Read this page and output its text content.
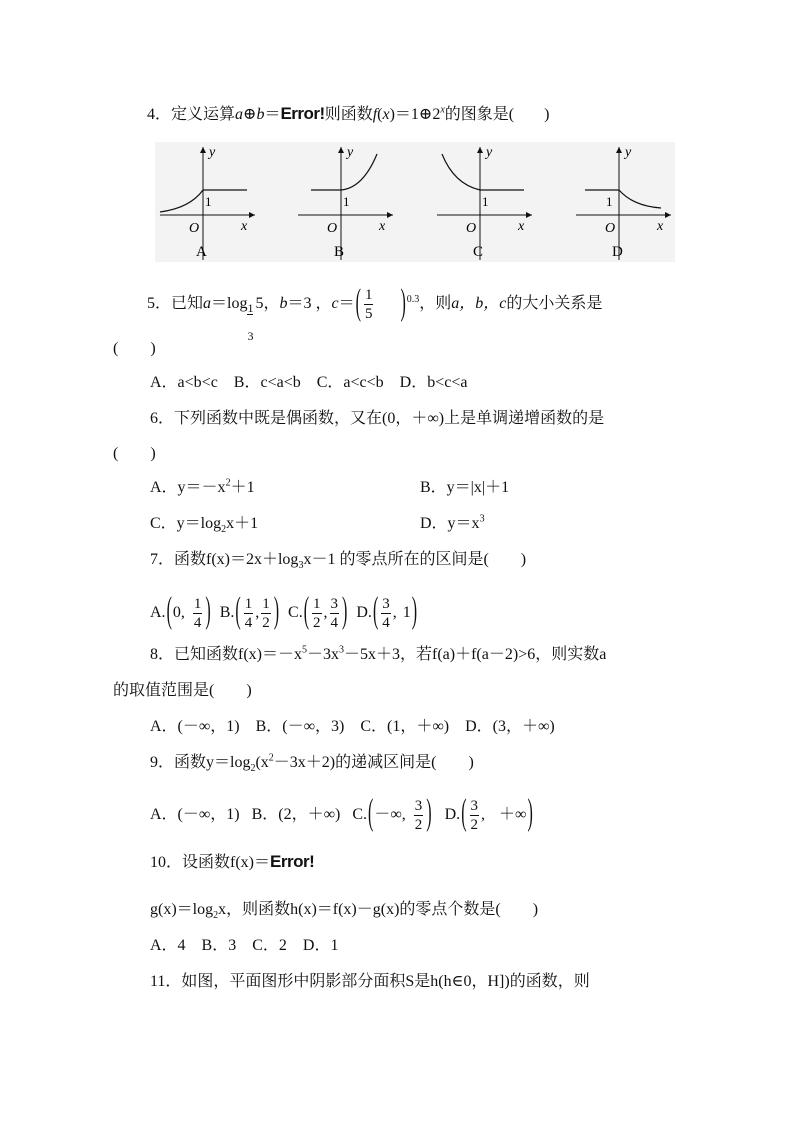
4．定义运算a⊕b＝Error!则函数$f(x)=1\oplus 2^x$的图象是( )
y
x
O
1
A
y
x
O
1
B
y
x
O
1
C
y
x
O
1
D
5．已知a＝log
$\frac{1}{3}$
5，b＝3 ，$c=( \frac{1}{5} )^{0.3}$，则a，b，c的大小关系是
(　　)
A．a<b<c　B．c<a<b　C．a<c<b　D．b<c<a
6．下列函数中既是偶函数，又在(0，＋∞)上是单调递增函数的是
(　　)
A．$y=-x^2+1$	B．y＝|x|＋1
C．$y=\log_2x+1$	D．$y=x^3$
7．函数$f(x)=2x+\log_3x-1$ 的零点所在的区间是(　　)
A. ( 0,
1
4 ) B. ( 1
4
,
1
2 ) C. ( 1
2
,
3
4 ) D. ( 3
4
, 1 )
8．已知函数$f(x)=-x^5-3x^3-5x+3$，若f(a)＋f(a－2)>6，则实数a
的取值范围是(　　)
A．(－∞，1)　B．(－∞，3)　C．(1，＋∞)　D．(3，＋∞)
9．函数$y=\log_2(x^2-3x+2)$的递减区间是(　　)
A．(－∞，1) B．(2，＋∞) C. ( －∞,
3
2 ) D. ( 3
2
, ＋∞ )
10．设函数f(x)＝Error!
$g(x)=\log_2x$，则函数h(x)＝f(x)－g(x)的零点个数是(　　)
A．4　B．3　C．2　D．1
11．如图，平面图形中阴影部分面积S是h(h∈0，H])的函数，则
